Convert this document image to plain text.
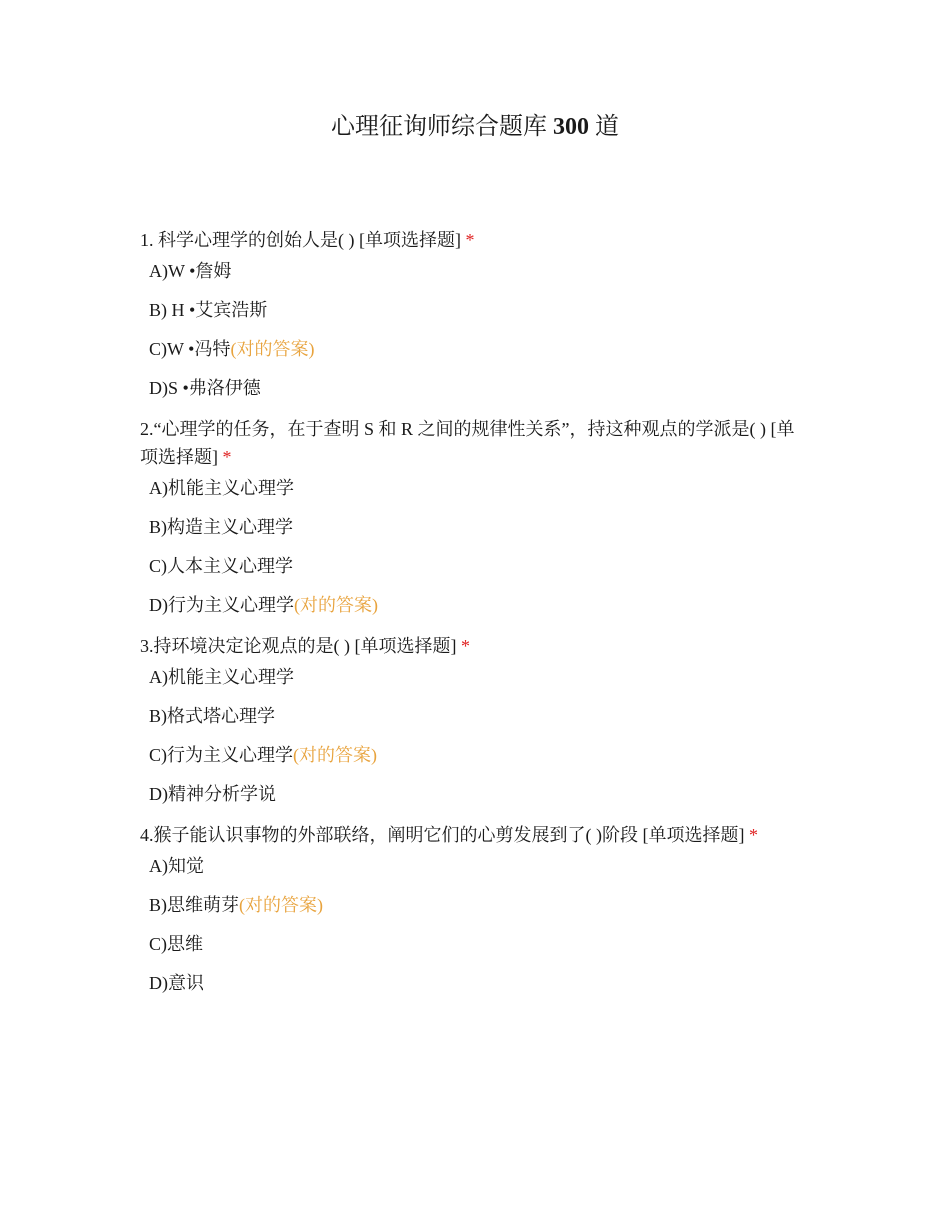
心理征询师综合题库 300 道
1. 科学心理学的创始人是( ) [单项选择题] *
A)W •詹姆
B) H •艾宾浩斯
C)W •冯特(对的答案)
D)S •弗洛伊德
2.“心理学的任务，在于查明 S 和 R 之间的规律性关系”，持这种观点的学派是( ) [单项选择题] *
A)机能主义心理学
B)构造主义心理学
C)人本主义心理学
D)行为主义心理学(对的答案)
3.持环境决定论观点的是( ) [单项选择题] *
A)机能主义心理学
B)格式塔心理学
C)行为主义心理学(对的答案)
D)精神分析学说
4.猴子能认识事物的外部联络，阐明它们的心剪发展到了( )阶段 [单项选择题] *
A)知觉
B)思维萌芽(对的答案)
C)思维
D)意识
